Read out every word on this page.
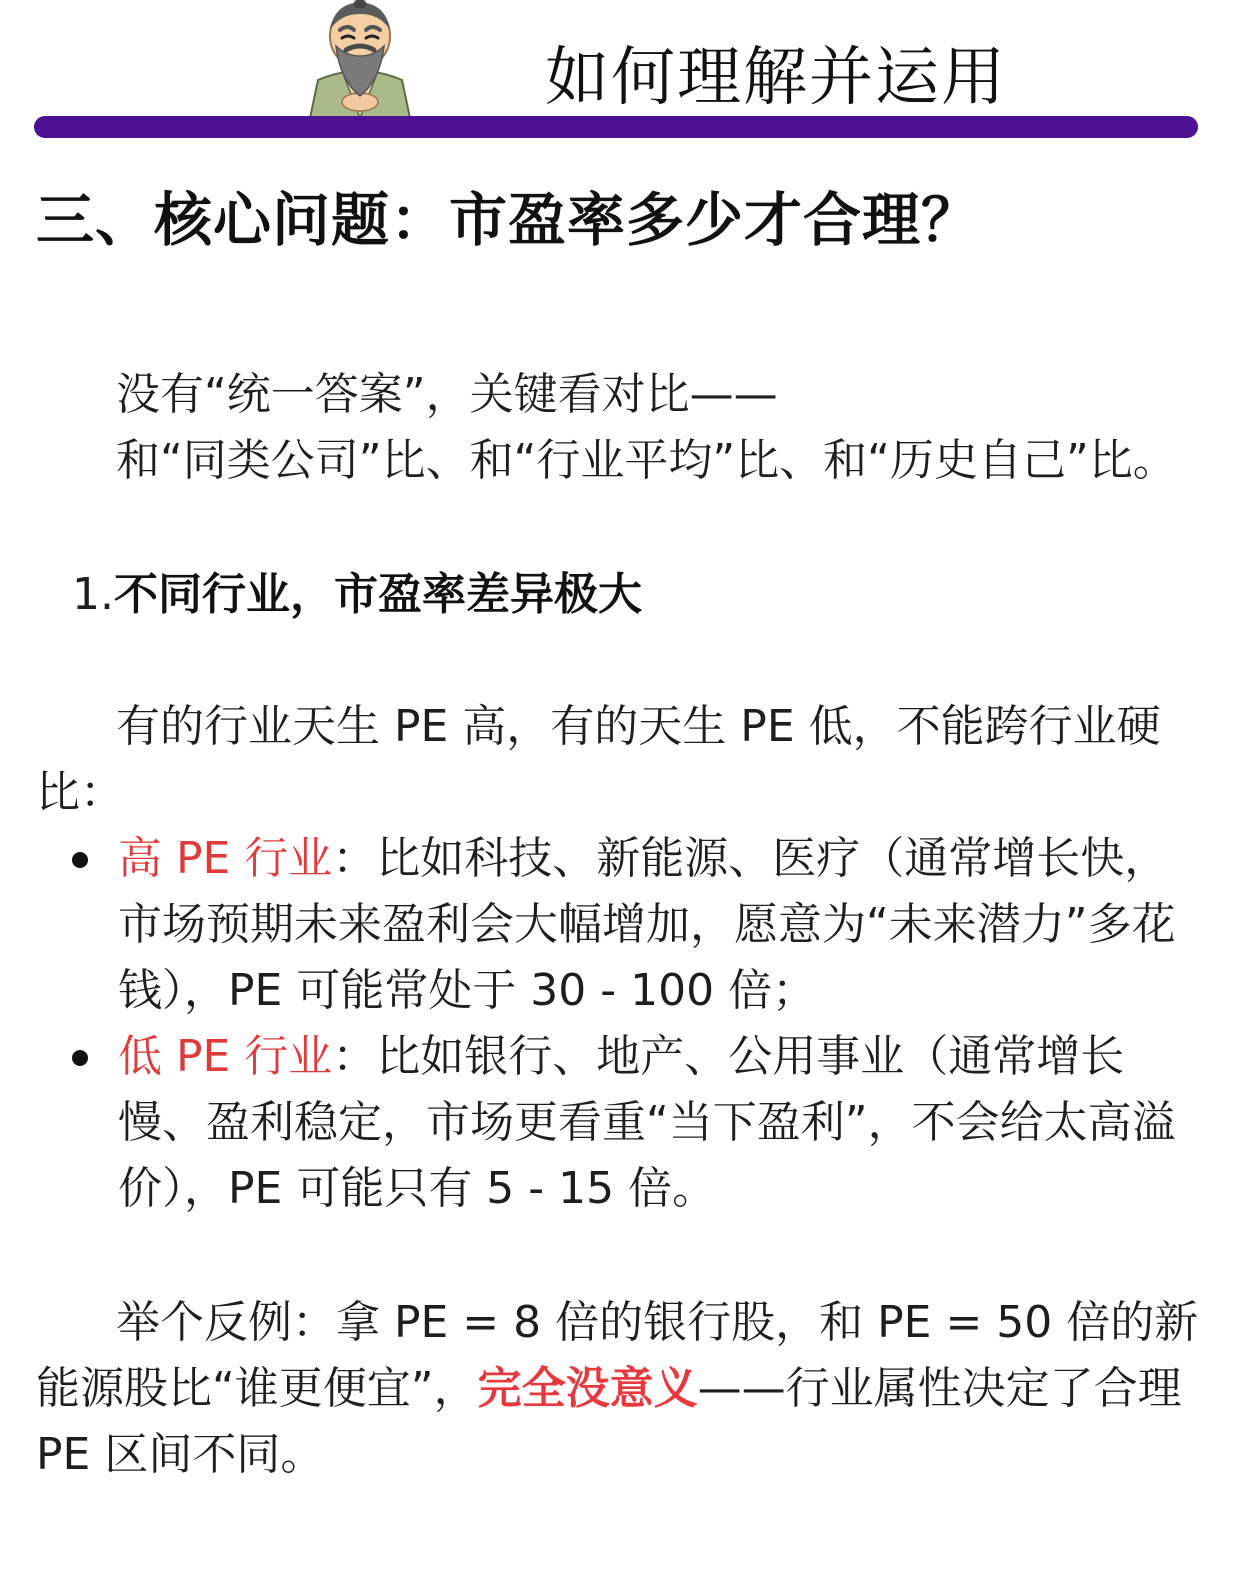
如何理解并运用
三、核心问题：市盈率多少才合理？
没有“统一答案”，关键看对比——

和“同类公司”比、和“行业平均”比、和“历史自己”比。

1.不同行业，市盈率差异极大

有的行业天生 PE 高，有的天生 PE 低，不能跨行业硬比：

高 PE 行业：比如科技、新能源、医疗（通常增长快，市场预期未来盈利会大幅增加，愿意为“未来潜力”多花钱），PE 可能常处于 30 - 100 倍；
低 PE 行业：比如银行、地产、公用事业（通常增长慢、盈利稳定，市场更看重“当下盈利”，不会给太高溢价），PE 可能只有 5 - 15 倍。

举个反例：拿 PE = 8 倍的银行股，和 PE = 50 倍的新能源股比“谁更便宜”，完全没意义——行业属性决定了合理 PE 区间不同。
